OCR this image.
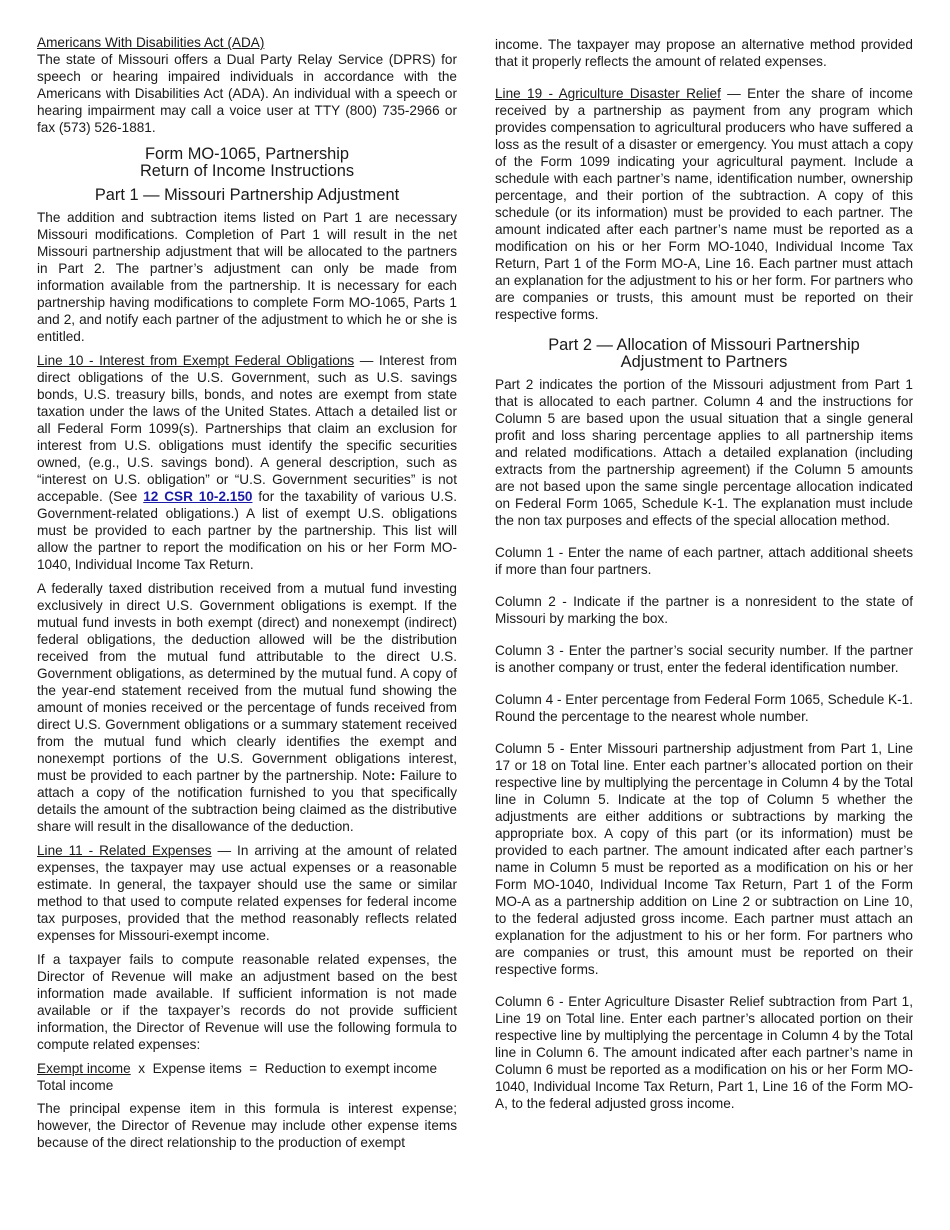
Americans With Disabilities Act (ADA)

The state of Missouri offers a Dual Party Relay Service (DPRS) for speech or hearing impaired individuals in accordance with the Americans with Disabilities Act (ADA). An individual with a speech or hearing impairment may call a voice user at TTY (800) 735-2966 or fax (573) 526-1881.

Form MO-1065, Partnership
Return of Income Instructions
Part 1 — Missouri Partnership Adjustment

The addition and subtraction items listed on Part 1 are necessary Missouri modifications. Completion of Part 1 will result in the net Missouri partnership adjustment that will be allocated to the partners in Part 2. The partner’s adjustment can only be made from information available from the partnership. It is necessary for each partnership having modifications to complete Form MO-1065, Parts 1 and 2, and notify each partner of the adjustment to which he or she is entitled.

Line 10 - Interest from Exempt Federal Obligations — Interest from direct obligations of the U.S. Government, such as U.S. savings bonds, U.S. treasury bills, bonds, and notes are exempt from state taxation under the laws of the United States. Attach a detailed list or all Federal Form 1099(s). Partnerships that claim an exclusion for interest from U.S. obligations must identify the specific securities owned, (e.g., U.S. savings bond). A general description, such as “interest on U.S. obligation” or “U.S. Government securities” is not accepable. (See 12 CSR 10-2.150 for the taxability of various U.S. Government-related obligations.) A list of exempt U.S. obligations must be provided to each partner by the partnership. This list will allow the partner to report the modification on his or her Form MO-1040, Individual Income Tax Return.

A federally taxed distribution received from a mutual fund investing exclusively in direct U.S. Government obligations is exempt. If the mutual fund invests in both exempt (direct) and nonexempt (indirect) federal obligations, the deduction allowed will be the distribution received from the mutual fund attributable to the direct U.S. Government obligations, as determined by the mutual fund. A copy of the year-end statement received from the mutual fund showing the amount of monies received or the percentage of funds received from direct U.S. Government obligations or a summary statement received from the mutual fund which clearly identifies the exempt and nonexempt portions of the U.S. Government obligations interest, must be provided to each partner by the partnership. Note: Failure to attach a copy of the notification furnished to you that specifically details the amount of the subtraction being claimed as the distributive share will result in the disallowance of the deduction.

Line 11 - Related Expenses — In arriving at the amount of related expenses, the taxpayer may use actual expenses or a reasonable estimate. In general, the taxpayer should use the same or similar method to that used to compute related expenses for federal income tax purposes, provided that the method reasonably reflects related expenses for Missouri-exempt income.

If a taxpayer fails to compute reasonable related expenses, the Director of Revenue will make an adjustment based on the best information made available. If sufficient information is not made available or if the taxpayer’s records do not provide sufficient information, the Director of Revenue will use the following formula to compute related expenses:

Exempt income  x  Expense items  =  Reduction to exempt income
Total income

The principal expense item in this formula is interest expense; however, the Director of Revenue may include other expense items because of the direct relationship to the production of exempt

income. The taxpayer may propose an alternative method provided that it properly reflects the amount of related expenses.

Line 19 - Agriculture Disaster Relief — Enter the share of income received by a partnership as payment from any program which provides compensation to agricultural producers who have suffered a loss as the result of a disaster or emergency. You must attach a copy of the Form 1099 indicating your agricultural payment. Include a schedule with each partner’s name, identification number, ownership percentage, and their portion of the subtraction. A copy of this schedule (or its information) must be provided to each partner. The amount indicated after each partner’s name must be reported as a modification on his or her Form MO-1040, Individual Income Tax Return, Part 1 of the Form MO-A, Line 16. Each partner must attach an explanation for the adjustment to his or her form. For partners who are companies or trusts, this amount must be reported on their respective forms.

Part 2 — Allocation of Missouri Partnership
Adjustment to Partners

Part 2 indicates the portion of the Missouri adjustment from Part 1 that is allocated to each partner. Column 4 and the instructions for Column 5 are based upon the usual situation that a single general profit and loss sharing percentage applies to all partnership items and related modifications. Attach a detailed explanation (including extracts from the partnership agreement) if the Column 5 amounts are not based upon the same single percentage allocation indicated on Federal Form 1065, Schedule K-1. The explanation must include the non tax purposes and effects of the special allocation method.

Column 1 - Enter the name of each partner, attach additional sheets if more than four partners.

Column 2 - Indicate if the partner is a nonresident to the state of Missouri by marking the box.

Column 3 - Enter the partner’s social security number. If the partner is another company or trust, enter the federal identification number.

Column 4 - Enter percentage from Federal Form 1065, Schedule K-1. Round the percentage to the nearest whole number.

Column 5 - Enter Missouri partnership adjustment from Part 1, Line 17 or 18 on Total line. Enter each partner’s allocated portion on their respective line by multiplying the percentage in Column 4 by the Total line in Column 5. Indicate at the top of Column 5 whether the adjustments are either additions or subtractions by marking the appropriate box. A copy of this part (or its information) must be provided to each partner. The amount indicated after each partner’s name in Column 5 must be reported as a modification on his or her Form MO-1040, Individual Income Tax Return, Part 1 of the Form MO-A as a partnership addition on Line 2 or subtraction on Line 10, to the federal adjusted gross income. Each partner must attach an explanation for the adjustment to his or her form. For partners who are companies or trust, this amount must be reported on their respective forms.

Column 6 - Enter Agriculture Disaster Relief subtraction from Part 1, Line 19 on Total line. Enter each partner’s allocated portion on their respective line by multiplying the percentage in Column 4 by the Total line in Column 6. The amount indicated after each partner’s name in Column 6 must be reported as a modification on his or her Form MO-1040, Individual Income Tax Return, Part 1, Line 16 of the Form MO-A, to the federal adjusted gross income.
